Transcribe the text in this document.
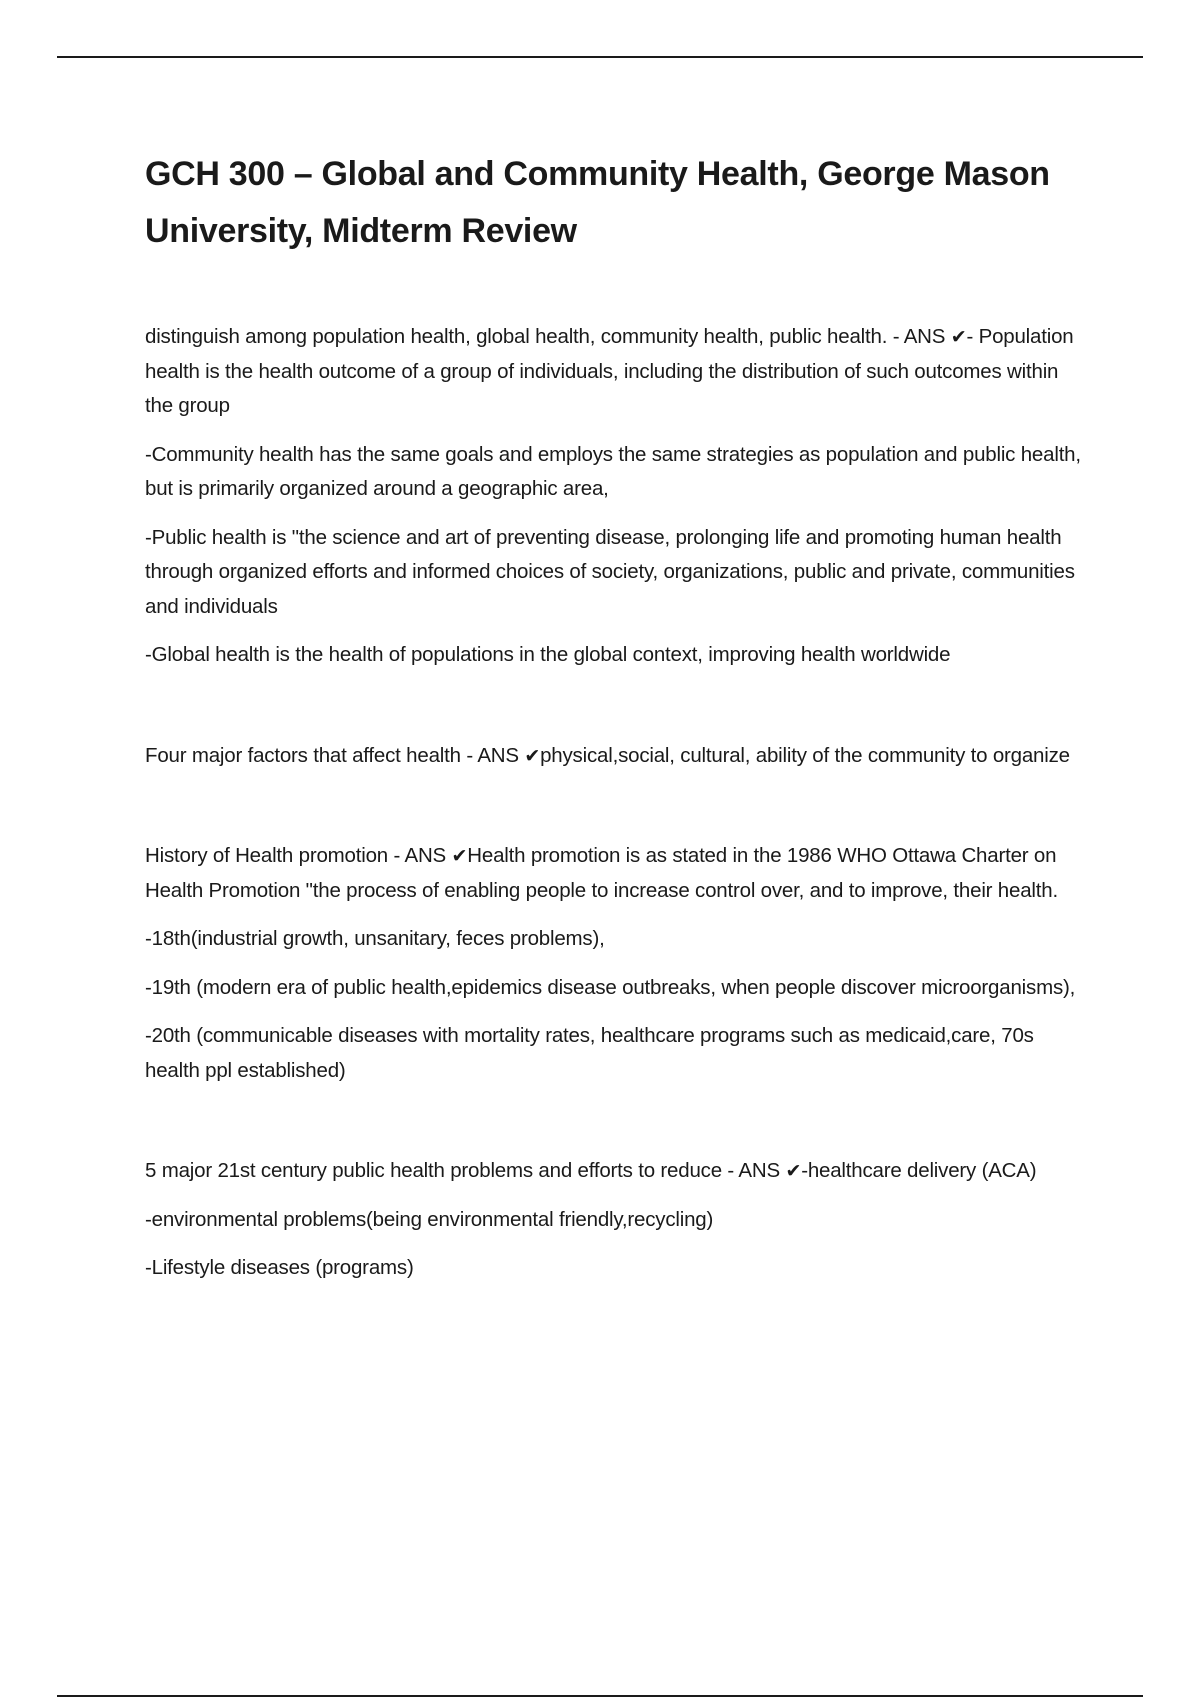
GCH 300 – Global and Community Health, George Mason University, Midterm Review

distinguish among population health, global health, community health, public health. - ANS ✔- Population health is the health outcome of a group of individuals, including the distribution of such outcomes within the group

-Community health has the same goals and employs the same strategies as population and public health, but is primarily organized around a geographic area,

-Public health is "the science and art of preventing disease, prolonging life and promoting human health through organized efforts and informed choices of society, organizations, public and private, communities and individuals

-Global health is the health of populations in the global context, improving health worldwide

Four major factors that affect health - ANS ✔physical,social, cultural, ability of the community to organize

History of Health promotion - ANS ✔Health promotion is as stated in the 1986 WHO Ottawa Charter on Health Promotion "the process of enabling people to increase control over, and to improve, their health.

-18th(industrial growth, unsanitary, feces problems),

-19th (modern era of public health,epidemics disease outbreaks, when people discover microorganisms),

-20th (communicable diseases with mortality rates, healthcare programs such as medicaid,care, 70s health ppl established)

5 major 21st century public health problems and efforts to reduce - ANS ✔-healthcare delivery (ACA)

-environmental problems(being environmental friendly,recycling)

-Lifestyle diseases (programs)
